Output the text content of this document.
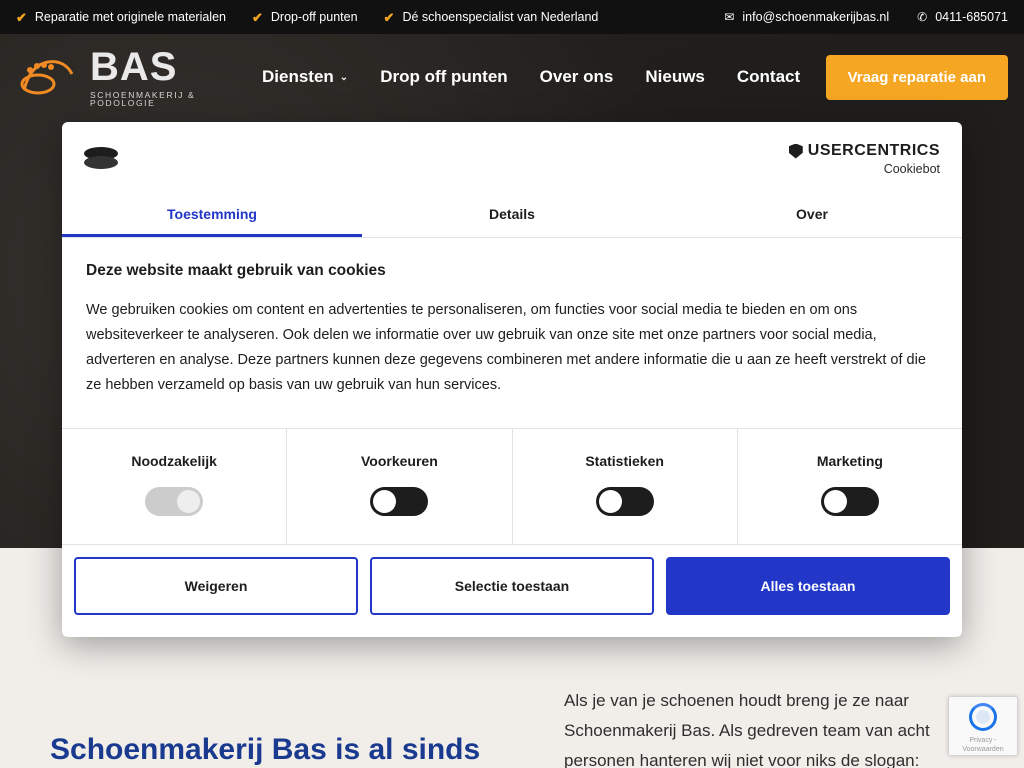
✔ Reparatie met originele materialen ✔ Drop-off punten ✔ Dé schoenspecialist van Nederland	✉ info@schoenmakerijbas.nl ✆ 0411-685071
BAS
SCHOENMAKERIJ & PODOLOGIE
Diensten ⌄ Drop off punten Over ons Nieuws Contact	Vraag reparatie aan
Schoenmakerij Bas is al sinds

Als je van je schoenen houdt breng je ze naar Schoenmakerij Bas. Als gedreven team van acht personen hanteren wij niet voor niks de slogan:

Privacy - Voorwaarden
USERCENTRICS
Cookiebot
Toestemming	Details	Over
Deze website maakt gebruik van cookies
We gebruiken cookies om content en advertenties te personaliseren, om functies voor social media te bieden en om ons websiteverkeer te analyseren. Ook delen we informatie over uw gebruik van onze site met onze partners voor social media, adverteren en analyse. Deze partners kunnen deze gegevens combineren met andere informatie die u aan ze heeft verstrekt of die ze hebben verzameld op basis van uw gebruik van hun services.
Noodzakelijk	Voorkeuren	Statistieken	Marketing
Weigeren	Selectie toestaan	Alles toestaan
